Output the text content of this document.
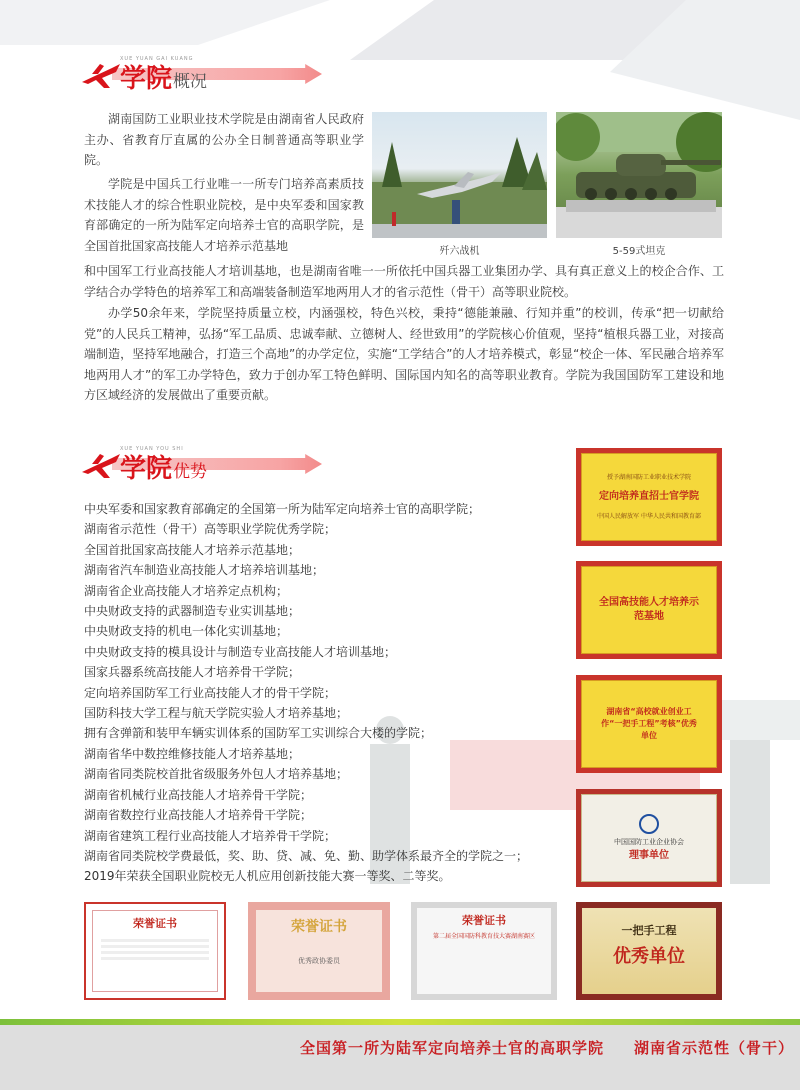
XUE YUAN GAI KUANG
学院概况
湖南国防工业职业技术学院是由湖南省人民政府主办、省教育厅直属的公办全日制普通高等职业学院。
学院是中国兵工行业唯一一所专门培养高素质技术技能人才的综合性职业院校，是中央军委和国家教育部确定的一所为陆军定向培养士官的高职学院，是全国首批国家高技能人才培养示范基地
和中国军工行业高技能人才培训基地，也是湖南省唯一一所依托中国兵器工业集团办学、具有真正意义上的校企合作、工学结合办学特色的培养军工和高端装备制造军地两用人才的省示范性（骨干）高等职业院校。
办学50余年来，学院坚持质量立校，内涵强校，特色兴校，秉持“德能兼融、行知并重”的校训，传承“把一切献给党”的人民兵工精神，弘扬“军工品质、忠诚奉献、立德树人、经世致用”的学院核心价值观，坚持“植根兵器工业，对接高端制造，坚持军地融合，打造三个高地”的办学定位，实施“工学结合”的人才培养模式，彰显“校企一体、军民融合培养军地两用人才”的军工办学特色，致力于创办军工特色鲜明、国际国内知名的高等职业教育。学院为我国国防军工建设和地方区域经济的发展做出了重要贡献。
歼六战机	5-59式坦克
XUE YUAN YOU SHI
学院优势
中央军委和国家教育部确定的全国第一所为陆军定向培养士官的高职学院；
湖南省示范性（骨干）高等职业学院优秀学院；
全国首批国家高技能人才培养示范基地；
湖南省汽车制造业高技能人才培养培训基地；
湖南省企业高技能人才培养定点机构；
中央财政支持的武器制造专业实训基地；
中央财政支持的机电一体化实训基地；
中央财政支持的模具设计与制造专业高技能人才培训基地；
国家兵器系统高技能人才培养骨干学院；
定向培养国防军工行业高技能人才的骨干学院；
国防科技大学工程与航天学院实验人才培养基地；
拥有含弹箭和装甲车辆实训体系的国防军工实训综合大楼的学院；
湖南省华中数控维修技能人才培养基地；
湖南省同类院校首批省级服务外包人才培养基地；
湖南省机械行业高技能人才培养骨干学院；
湖南省数控行业高技能人才培养骨干学院；
湖南省建筑工程行业高技能人才培养骨干学院；
湖南省同类院校学费最低，奖、助、贷、减、免、勤、助学体系最齐全的学院之一；
2019年荣获全国职业院校无人机应用创新技能大赛一等奖、二等奖。
授予湖南国防工业职业技术学院
定向培养直招士官学院
中国人民解放军 中华人民共和国教育部
全国高技能人才培养示范基地
湖南省“高校就业创业工作“一把手工程”考核”优秀单位
中国国防工业企业协会
理事单位
荣誉证书	荣誉证书
优秀政协委员
荣誉证书
第二届全国国防科教育技大赛湖南赛区	一把手工程
优秀单位
全国第一所为陆军定向培养士官的高职学院 湖南省示范性（骨干）
